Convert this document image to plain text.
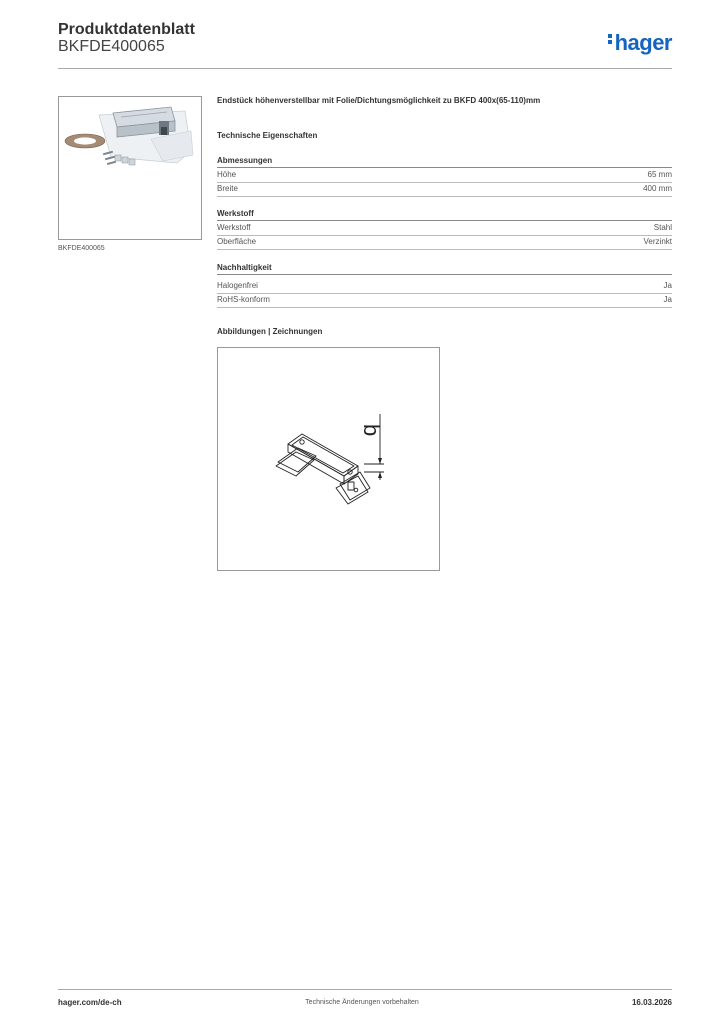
Produktdatenblatt
BKFDE400065	hager
BKFDE400065
Endstück höhenverstellbar mit Folie/Dichtungsmöglichkeit zu BKFD 400x(65-110)mm
Technische Eigenschaften
Abmessungen
Höhe	65 mm
Breite	400 mm
Werkstoff
Werkstoff	Stahl
Oberfläche	Verzinkt
Nachhaltigkeit
Halogenfrei	Ja
RoHS-konform	Ja
Abbildungen | Zeichnungen
b
hager.com/de-ch	Technische Änderungen vorbehalten	16.03.2026
